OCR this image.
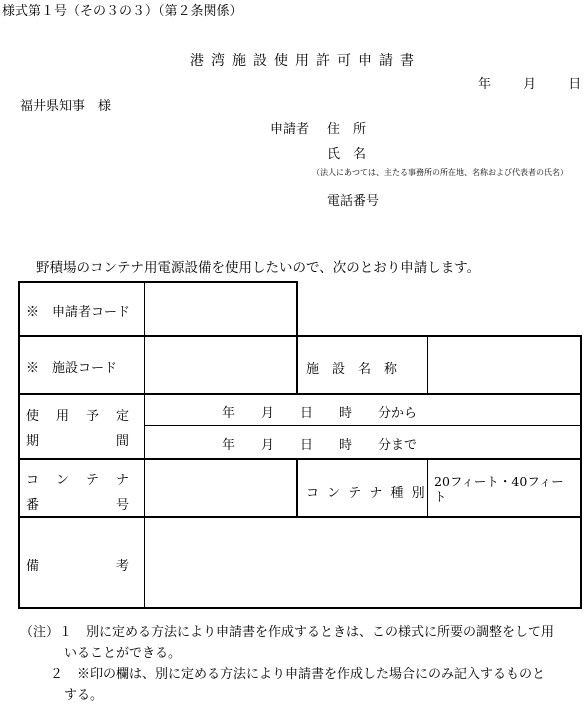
様式第１号（その３の３）（第２条関係）
港湾施設使用許可申請書
年 月 日
福井県知事　様
申請者 住　所
氏　名
（法人にあつては、主たる事務所の所在地、名称および代表者の氏名）
電話番号
野積場のコンテナ用電源設備を使用したいので、次のとおり申請します。
※　申請者コード
※　施設コード	施　設　名　称
使　用　予　定
期　　　　　間
年　　月　　日　　時　　分から
年　　月　　日　　時　　分まで
コ　ン　テ　ナ
番　　　　　号
コ ン テ ナ 種 別
20フィート・40フィート
備　　　　　考
（注）１ 別に定める方法により申請書を作成するときは、この様式に所要の調整をして用
いることができる。
２ ※印の欄は、別に定める方法により申請書を作成した場合にのみ記入するものと
する。
